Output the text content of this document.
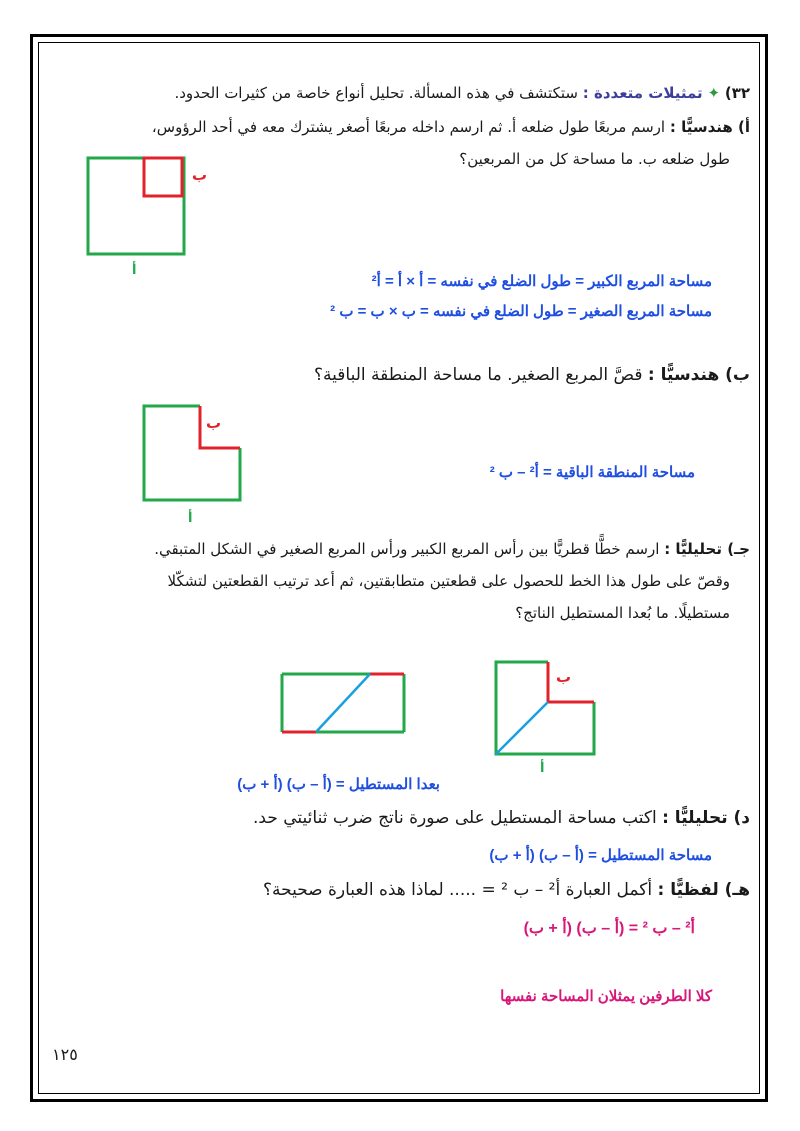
٣٢) ✦ تمثيلات متعددة : ستكتشف في هذه المسألة. تحليل أنواع خاصة من كثيرات الحدود.
أ) هندسيًّا : ارسم مربعًا طول ضلعه أ. ثم ارسم داخله مربعًا أصغر يشترك معه في أحد الرؤوس،
طول ضلعه ب. ما مساحة كل من المربعين؟
مساحة المربع الكبير = طول الضلع في نفسه = أ × أ = أ²
مساحة المربع الصغير = طول الضلع في نفسه = ب × ب = ب ²
ب) هندسيًّا : قصَّ المربع الصغير. ما مساحة المنطقة الباقية؟
مساحة المنطقة الباقية = أ² – ب ²
جـ) تحليليًّا : ارسم خطًّا قطريًّا بين رأس المربع الكبير ورأس المربع الصغير في الشكل المتبقي.
وقصّ على طول هذا الخط للحصول على قطعتين متطابقتين، ثم أعد ترتيب القطعتين لتشكّلا
مستطيلًا. ما بُعدا المستطيل الناتج؟
بعدا المستطيل = (أ – ب) (أ + ب)
د) تحليليًّا : اكتب مساحة المستطيل على صورة ناتج ضرب ثنائيتي حد.
مساحة المستطيل = (أ – ب) (أ + ب)
هـ) لفظيًّا : أكمل العبارة أ² – ب ² = ..... لماذا هذه العبارة صحيحة؟
أ² – ب ² = (أ – ب) (أ + ب)
كلا الطرفين يمثلان المساحة نفسها
١٢٥
ب
أ
ب
أ
ب
أ
